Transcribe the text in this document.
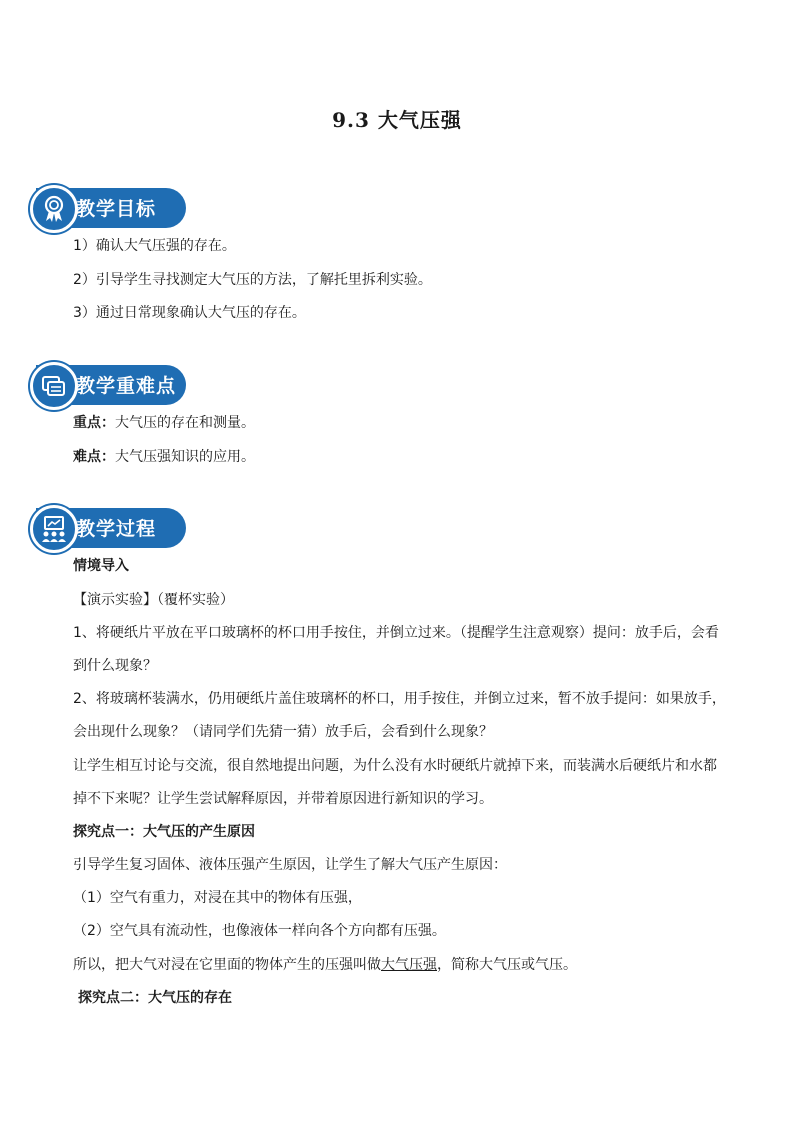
9.3 大气压强
教学目标
1）确认大气压强的存在。
2）引导学生寻找测定大气压的方法，了解托里拆利实验。
3）通过日常现象确认大气压的存在。
教学重难点
重点：大气压的存在和测量。
难点：大气压强知识的应用。
教学过程
情境导入
【演示实验】（覆杯实验）
1、将硬纸片平放在平口玻璃杯的杯口用手按住，并倒立过来。（提醒学生注意观察）提问：放手后，会看
到什么现象？
2、将玻璃杯装满水，仍用硬纸片盖住玻璃杯的杯口，用手按住，并倒立过来，暂不放手提问：如果放手，
会出现什么现象？（请同学们先猜一猜）放手后，会看到什么现象？
让学生相互讨论与交流，很自然地提出问题，为什么没有水时硬纸片就掉下来，而装满水后硬纸片和水都
掉不下来呢？让学生尝试解释原因，并带着原因进行新知识的学习。
探究点一：大气压的产生原因
引导学生复习固体、液体压强产生原因，让学生了解大气压产生原因：
（1）空气有重力，对浸在其中的物体有压强，
（2）空气具有流动性，也像液体一样向各个方向都有压强。
所以，把大气对浸在它里面的物体产生的压强叫做大气压强，简称大气压或气压。
探究点二：大气压的存在
